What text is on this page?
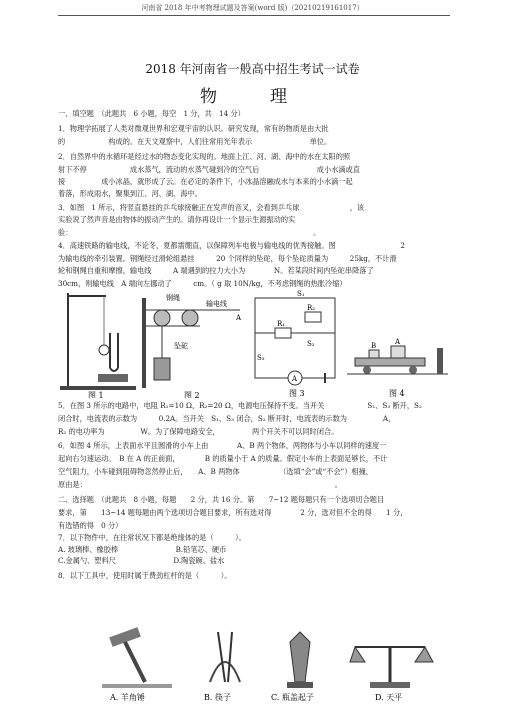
河南省 2018 年中考物理试题及答案(word 版)（20210219161017）
2018 年河南省一般高中招生考试一试卷
物　理
一、填空题　（此题共　6 小题，每空　1 分，共　14 分）
1．物理学拓展了人类对微观世界和宏观宇宙的认识。研究发现，常有的物质是由大批
的　　　　　　构成的。在天文观察中，人们往常用光年表示　　　　　　　　单位。
2．自然界中的水循环是经过水的物态变化实现的。地面上江、河、湖、海中的水在太阳的照
射下不停　　　　　　成水蒸气，流动的水蒸气碰到冷的空气后　　　　　　　　成小水滴或直
接　　　　　成小冰晶，就形成了云。在必定的条件下，小冰晶溶融成水与本来的小水滴一起
着落，形成雨水，聚集到江、河、湖、海中。
3．如图　1 所示，将竖直悬挂的乒乓球接触正在发声的音叉，会看到乒乓球　　　　　　　，该
实验说了然声音是由物体的振动产生的。请你再设计一个显示生源振动的实
验：　　　　　　　　　　　　　　　　　　　　　　　　　　　　　　　　　　。
4．高速铁路的输电线，不论冬，夏都需绷直，以保障列车电极与输电线的优秀接触。图　　　　　　　　　2
为输电线的牵引装置。钢绳经过滑轮组悬挂　　　20 个同样的坠砣，每个坠砣质量为　　　25kg，不计滑
轮和钢绳自重和摩擦，输电线　　　A 端遇到的拉力大小为　　　　N。若某段时间内坠砣串降落了
30cm，则输电线　A 端向左挪动了　　　cm。（ g 取 10N/kg，不考虑钢绳的热胀冷缩）
图 1
钢绳
输电线
坠砣
A
图 2
A
S₁
R₁
S₂
R₂
S₃
图 3
B	A
图 4
5．在图 3 所示的电路中，电阻 R₁=10 Ω，R₂=20 Ω，电源电压保持不变。当开关　　　　　　S₁、S₃ 断开，S₂
闭合时，电流表的示数为　　　0.2A。当开关　S₁、S₃ 闭合，S₂ 断开时，电流表的示数为　　　　　A，
R₂ 的电功率为　　　　　W。为了保障电路安全，　　　　　两个开关不可以同时闭合。
6．如图 4 所示，上表面水平且圆滑的小车上由　　　　A、B 两个物体，两物体与小车以同样的速度一
起向右匀速运动。　B 在 A 的正前面，　　　　B 的质量小于 A 的质量。假定小车的上表面足够长，不计
空气阻力，小车碰到阻碍物忽然停止后，　　A、B 两物体　　　　　　（选填“会”或“不会”）相撞，
原由是：　　　　　　　　　　　　　　　　　　　　　　　　　　　　　　　　　　　。
二、选择题　（此题共　8 小题，每题　　2 分，共 16 分。第　　7~12 题每题只有一个选项切合题目
要求，第　　13~14 题每题由两个选项切合题目要求，所有选对得　　　　2 分，选对但不全的得　　1 分，
有选错的得　0 分）
7．以下物件中，在往常状况下都是绝缘体的是（　　　）。
A. 玻璃棒、橡胶棒　　　　　　　　B.铅笔芯、硬币
C.金属勺、塑料尺　　　　　　　　D.陶瓷碗、盐水
8．以下工具中，使用时属于费劲杠杆的是（　　　）。
A. 羊角锤	B. 筷子	C. 瓶盖起子	D. 天平
